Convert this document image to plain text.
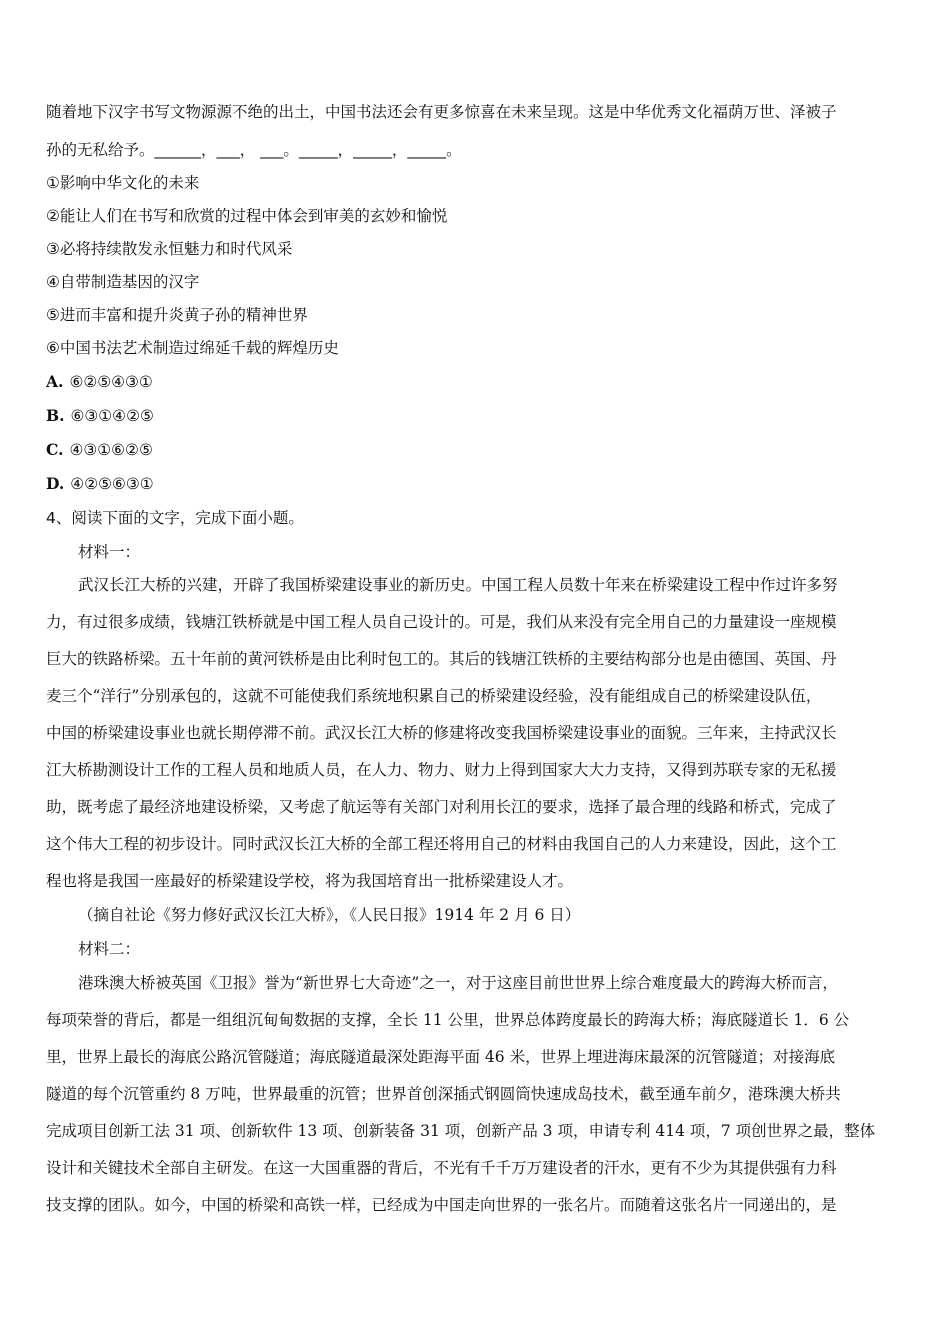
随着地下汉字书写文物源源不绝的出土，中国书法还会有更多惊喜在未来呈现。这是中华优秀文化福荫万世、泽被子
孙的无私给予。______，___， ___。_____，_____，_____。
①影响中华文化的未来
②能让人们在书写和欣赏的过程中体会到审美的玄妙和愉悦
③必将持续散发永恒魅力和时代风采
④自带制造基因的汉字
⑤进而丰富和提升炎黄子孙的精神世界
⑥中国书法艺术制造过绵延千载的辉煌历史
A. ⑥②⑤④③①
B. ⑥③①④②⑤
C. ④③①⑥②⑤
D. ④②⑤⑥③①
4、阅读下面的文字，完成下面小题。
材料一：
武汉长江大桥的兴建，开辟了我国桥梁建设事业的新历史。中国工程人员数十年来在桥梁建设工程中作过许多努
力，有过很多成绩，钱塘江铁桥就是中国工程人员自己设计的。可是，我们从来没有完全用自己的力量建设一座规模
巨大的铁路桥梁。五十年前的黄河铁桥是由比利时包工的。其后的钱塘江铁桥的主要结构部分也是由德国、英国、丹
麦三个“洋行”分别承包的，这就不可能使我们系统地积累自己的桥梁建设经验，没有能组成自己的桥梁建设队伍，
中国的桥梁建设事业也就长期停滞不前。武汉长江大桥的修建将改变我国桥梁建设事业的面貌。三年来，主持武汉长
江大桥勘测设计工作的工程人员和地质人员，在人力、物力、财力上得到国家大大力支持，又得到苏联专家的无私援
助，既考虑了最经济地建设桥梁，又考虑了航运等有关部门对利用长江的要求，选择了最合理的线路和桥式，完成了
这个伟大工程的初步设计。同时武汉长江大桥的全部工程还将用自己的材料由我国自己的人力来建设，因此，这个工
程也将是我国一座最好的桥梁建设学校，将为我国培育出一批桥梁建设人才。
（摘自社论《努力修好武汉长江大桥》，《人民日报》1914 年 2 月 6 日）
材料二：
港珠澳大桥被英国《卫报》誉为“新世界七大奇迹”之一，对于这座目前世世界上综合难度最大的跨海大桥而言，
每项荣誉的背后，都是一组组沉甸甸数据的支撑，全长 11 公里，世界总体跨度最长的跨海大桥；海底隧道长 1．6 公
里，世界上最长的海底公路沉管隧道；海底隧道最深处距海平面 46 米，世界上埋进海床最深的沉管隧道；对接海底
隧道的每个沉管重约 8 万吨，世界最重的沉管；世界首创深插式钢圆筒快速成岛技术，截至通车前夕，港珠澳大桥共
完成项目创新工法 31 项、创新软件 13 项、创新装备 31 项，创新产品 3 项，申请专利 414 项，7 项创世界之最，整体
设计和关键技术全部自主研发。在这一大国重器的背后，不光有千千万万建设者的汗水，更有不少为其提供强有力科
技支撑的团队。如今，中国的桥梁和高铁一样，已经成为中国走向世界的一张名片。而随着这张名片一同递出的，是
